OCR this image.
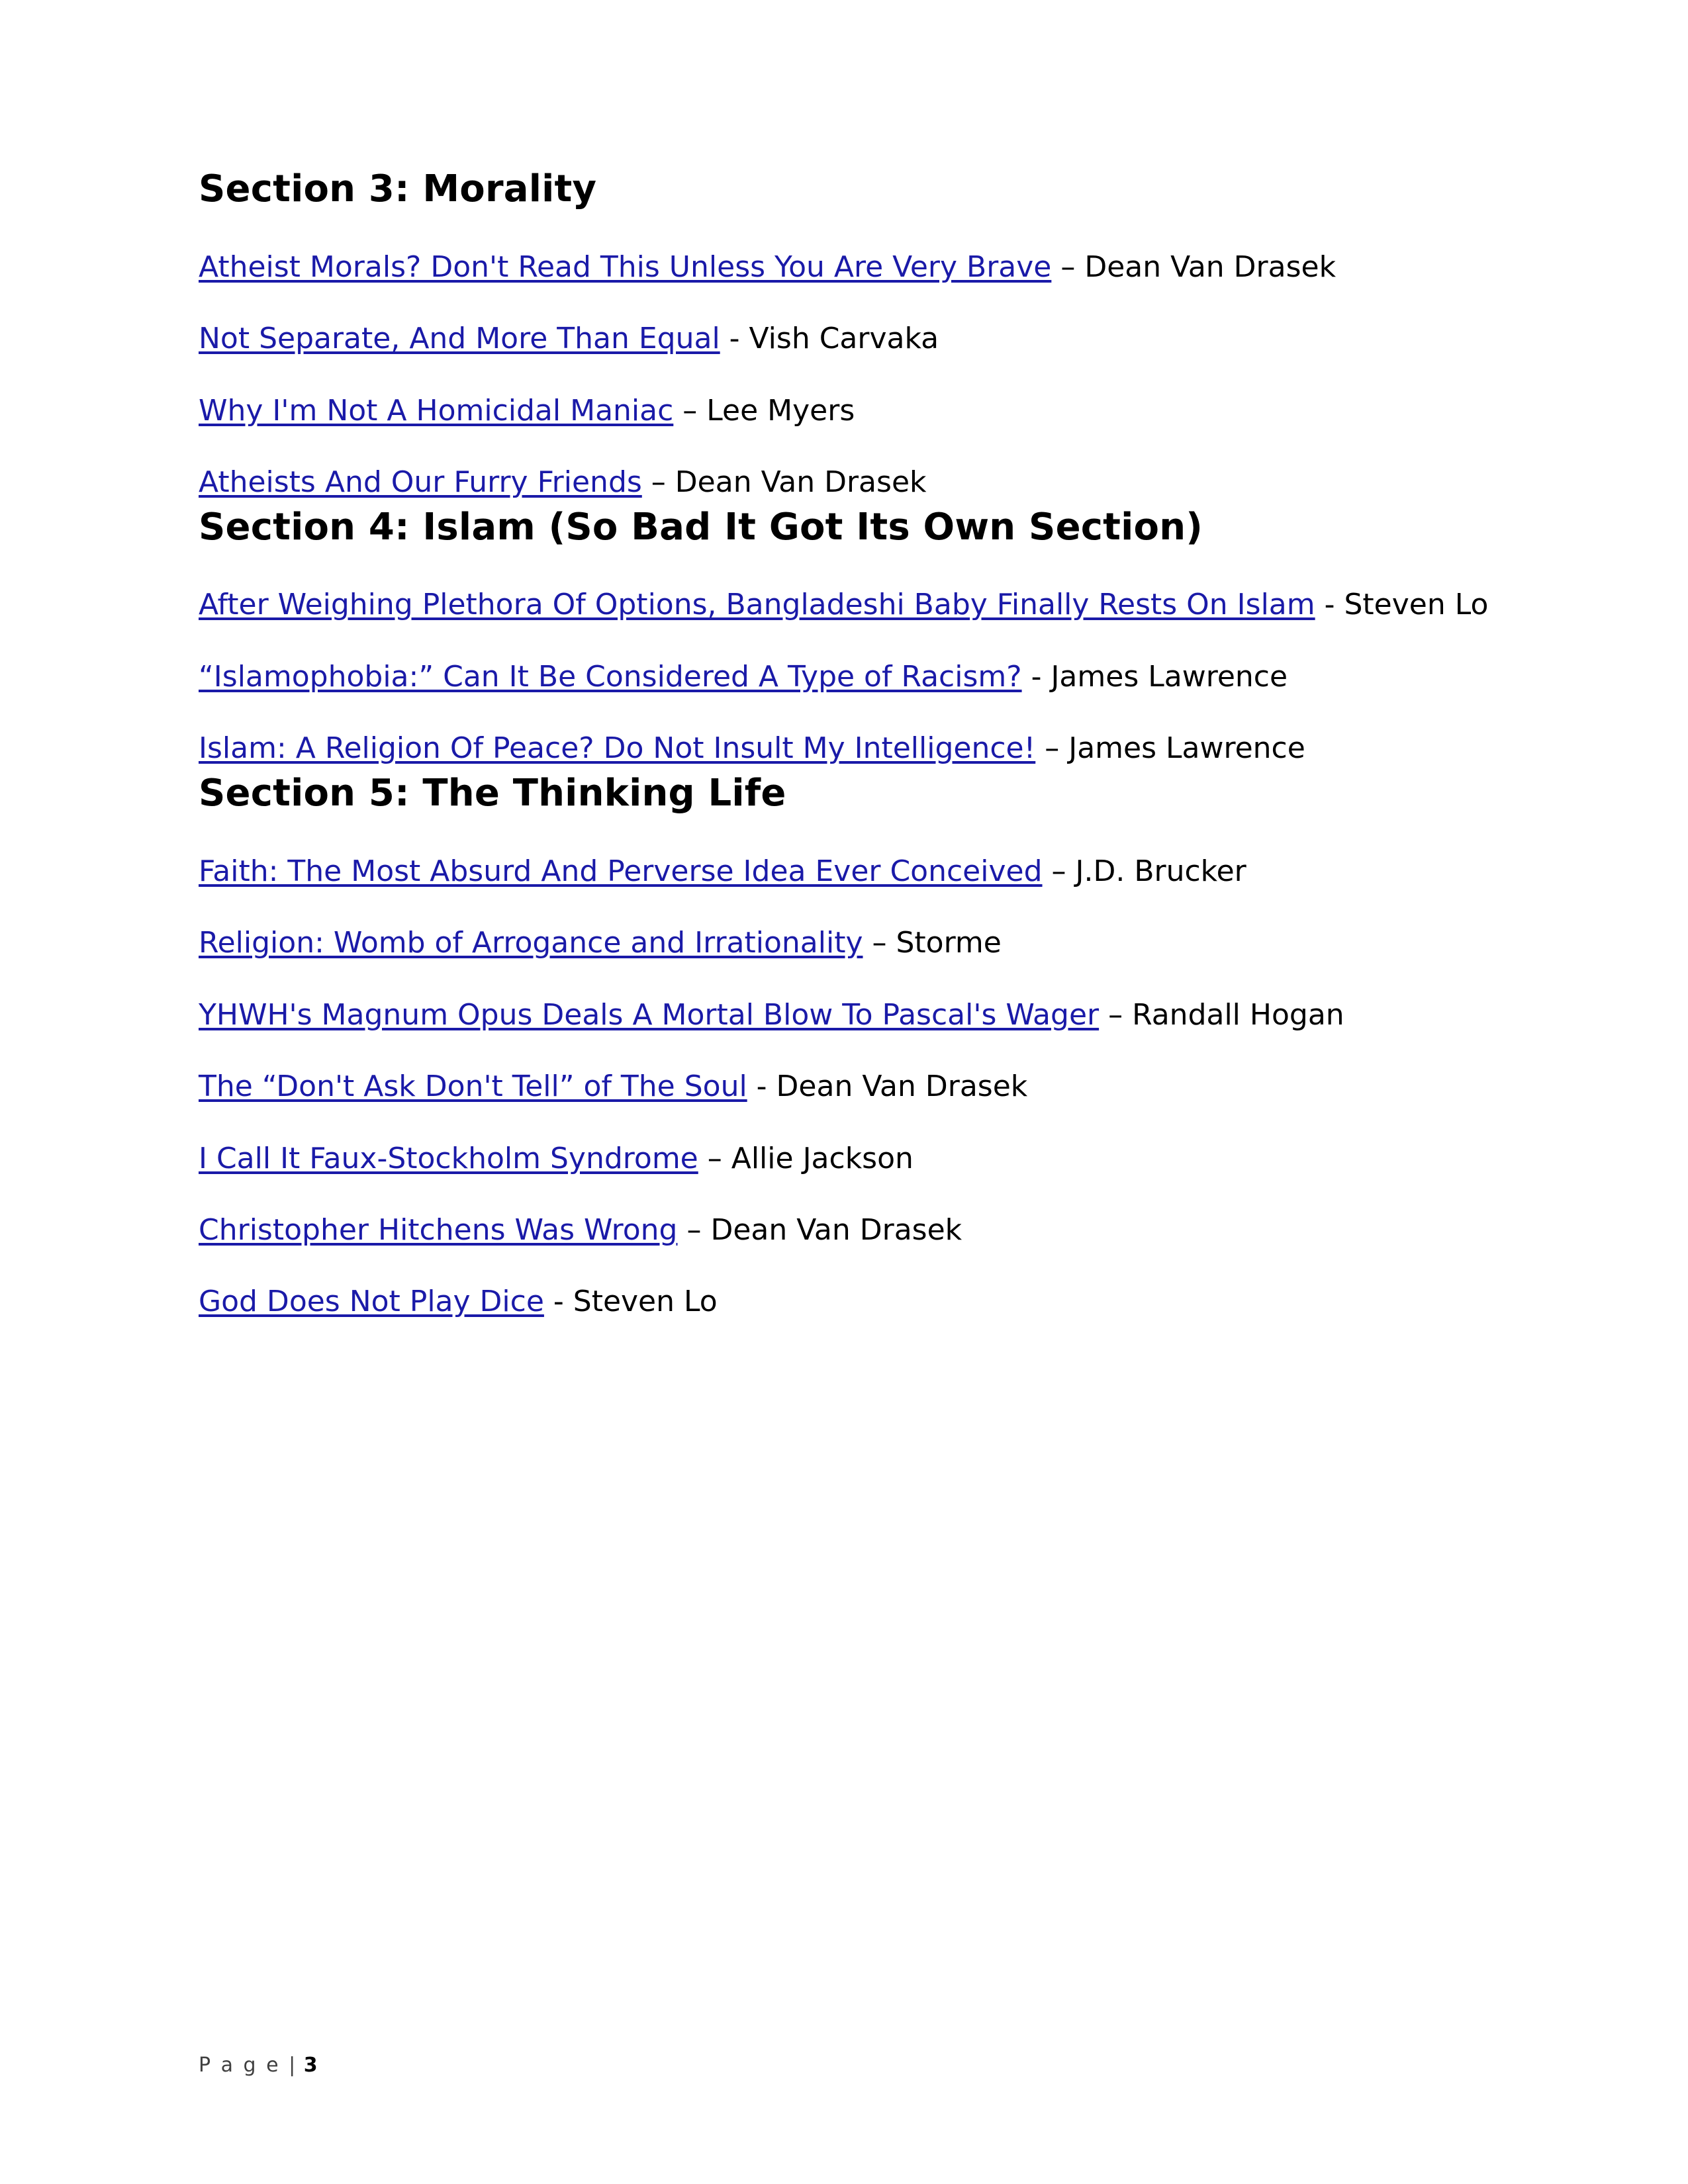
Section 3: Morality

Atheist Morals? Don't Read This Unless You Are Very Brave – Dean Van Drasek

Not Separate, And More Than Equal - Vish Carvaka

Why I'm Not A Homicidal Maniac – Lee Myers

Atheists And Our Furry Friends – Dean Van Drasek

Section 4: Islam (So Bad It Got Its Own Section)

After Weighing Plethora Of Options, Bangladeshi Baby Finally Rests On Islam - Steven Lo

“Islamophobia:” Can It Be Considered A Type of Racism? - James Lawrence

Islam: A Religion Of Peace? Do Not Insult My Intelligence! – James Lawrence

Section 5: The Thinking Life

Faith: The Most Absurd And Perverse Idea Ever Conceived – J.D. Brucker

Religion: Womb of Arrogance and Irrationality – Storme

YHWH's Magnum Opus Deals A Mortal Blow To Pascal's Wager – Randall Hogan

The “Don't Ask Don't Tell” of The Soul - Dean Van Drasek

I Call It Faux-Stockholm Syndrome – Allie Jackson

Christopher Hitchens Was Wrong – Dean Van Drasek

God Does Not Play Dice - Steven Lo

P a g e | 3
